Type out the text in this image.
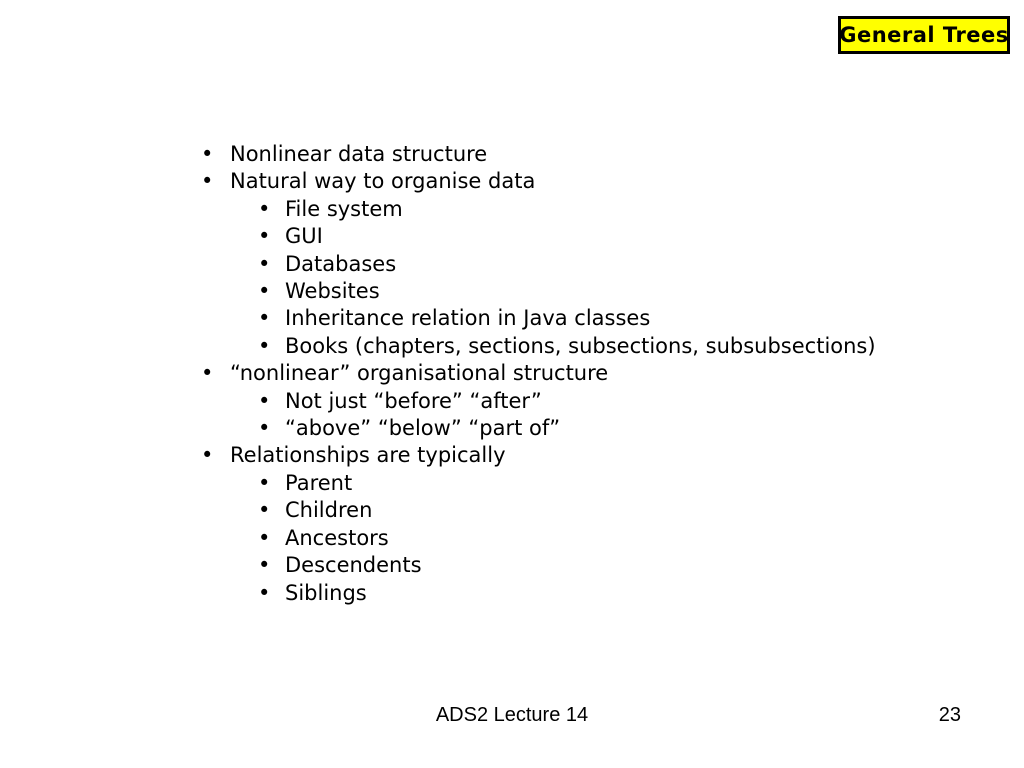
General Trees
• Nonlinear data structure
• Natural way to organise data
• File system
• GUI
• Databases
• Websites
• Inheritance relation in Java classes
• Books (chapters, sections, subsections, subsubsections)
• “nonlinear” organisational structure
• Not just “before” “after”
• “above” “below” “part of”
• Relationships are typically
• Parent
• Children
• Ancestors
• Descendents
• Siblings
ADS2 Lecture 14	23
